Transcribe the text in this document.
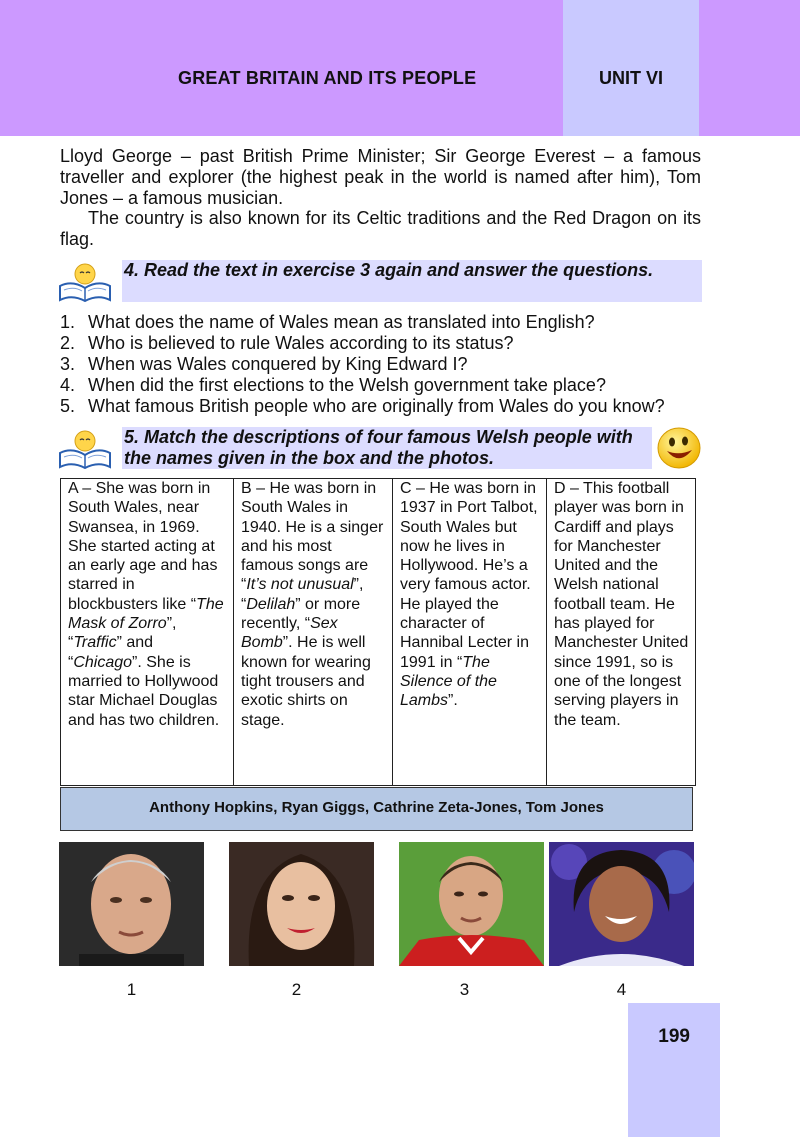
GREAT BRITAIN AND ITS PEOPLE	UNIT VI

Lloyd George – past British Prime Minister; Sir George Everest – a famous traveller and explorer (the highest peak in the world is named after him), Tom Jones – a famous musician.

The country is also known for its Celtic traditions and the Red Dragon on its flag.

4. Read the text in exercise 3 again and answer the questions.
1. What does the name of Wales mean as translated into English?
2. Who is believed to rule Wales according to its status?
3. When was Wales conquered by King Edward I?
4. When did the first elections to the Welsh government take place?
5. What famous British people who are originally from Wales do you know?
5. Match the descriptions of four famous Welsh people with the names given in the box and the photos.
A – She was born in South Wales, near Swansea, in 1969. She started acting at an early age and has starred in blockbusters like “The Mask of Zorro”, “Traffic” and “Chicago”. She is married to Hollywood star Michael Douglas and has two children.	B – He was born in South Wales in 1940. He is a singer and his most famous songs are “It’s not unusual”, “Delilah” or more recently, “Sex Bomb”. He is well known for wearing tight trousers and exotic shirts on stage.	C – He was born in 1937 in Port Talbot, South Wales but now he lives in Hollywood. He’s a very famous actor. He played the character of Hannibal Lecter in 1991 in “The Silence of the Lambs”.	D – This football player was born in Cardiff and plays for Manchester United and the Welsh national football team. He has played for Manchester United since 1991, so is one of the longest serving players in the team.
Anthony Hopkins, Ryan Giggs, Cathrine Zeta-Jones, Tom Jones
1	2	3	4
199
